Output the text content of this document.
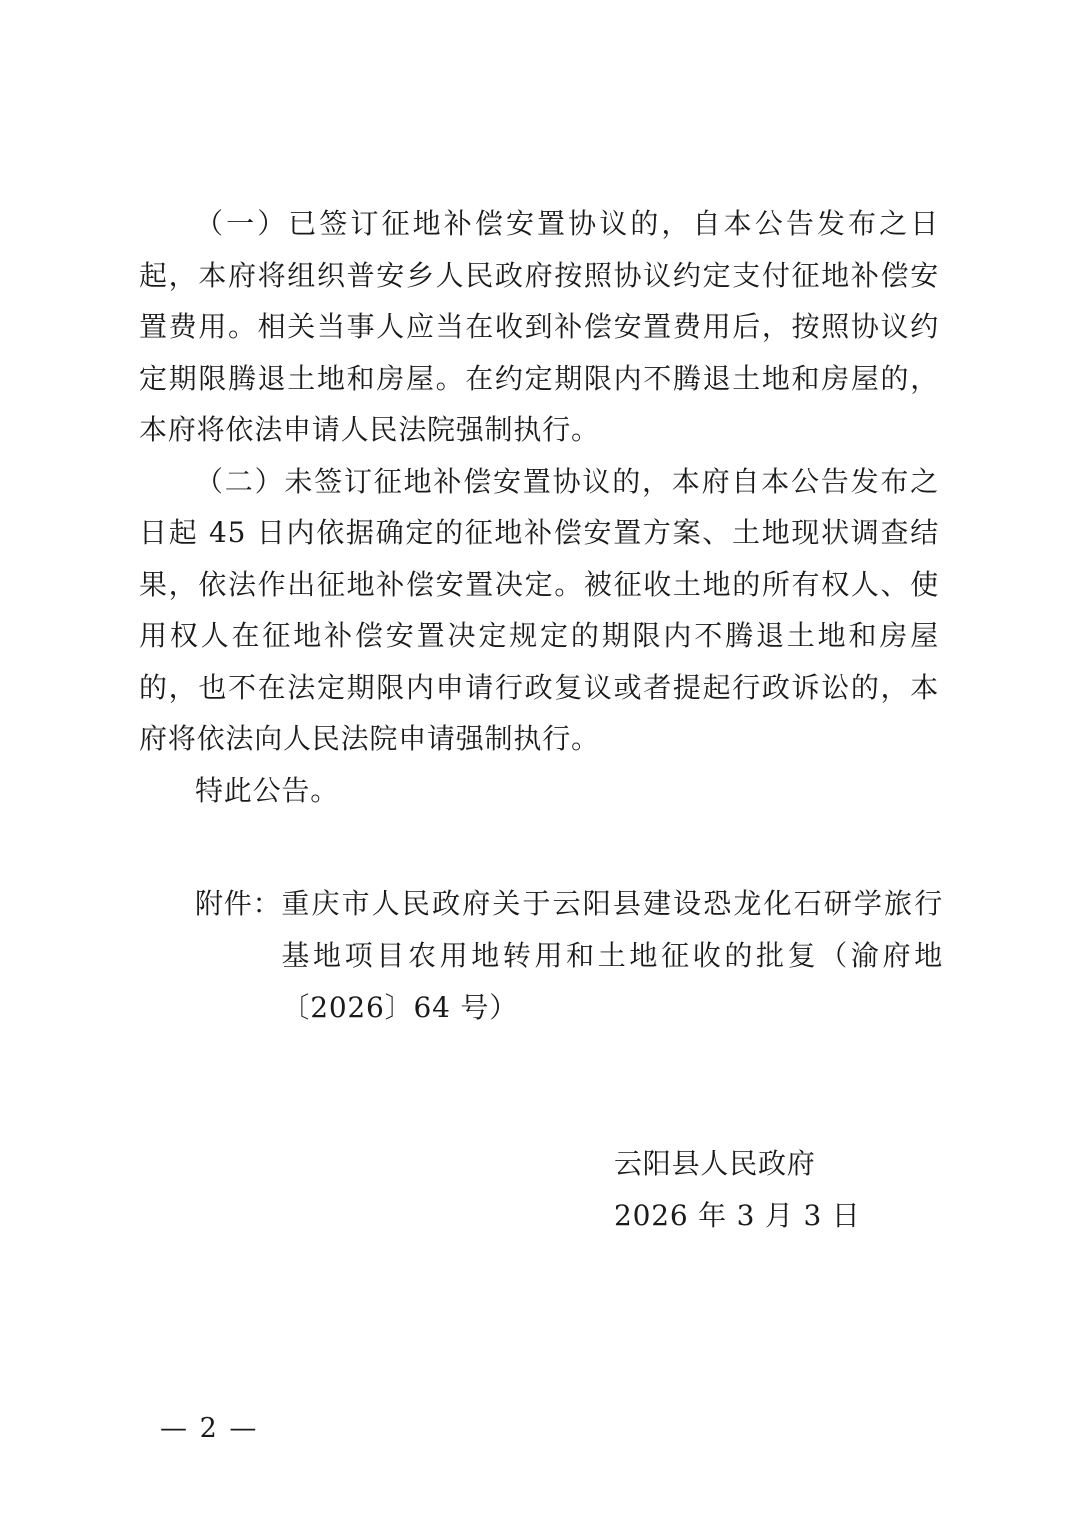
（一）已签订征地补偿安置协议的，自本公告发布之日起，本府将组织普安乡人民政府按照协议约定支付征地补偿安置费用。相关当事人应当在收到补偿安置费用后，按照协议约定期限腾退土地和房屋。在约定期限内不腾退土地和房屋的，本府将依法申请人民法院强制执行。

（二）未签订征地补偿安置协议的，本府自本公告发布之日起 45 日内依据确定的征地补偿安置方案、土地现状调查结果，依法作出征地补偿安置决定。被征收土地的所有权人、使用权人在征地补偿安置决定规定的期限内不腾退土地和房屋的，也不在法定期限内申请行政复议或者提起行政诉讼的，本府将依法向人民法院申请强制执行。

特此公告。

附件： 重庆市人民政府关于云阳县建设恐龙化石研学旅行基地项目农用地转用和土地征收的批复（渝府地〔2026〕64 号）
云阳县人民政府
2026 年 3 月 3 日
— 2 —
